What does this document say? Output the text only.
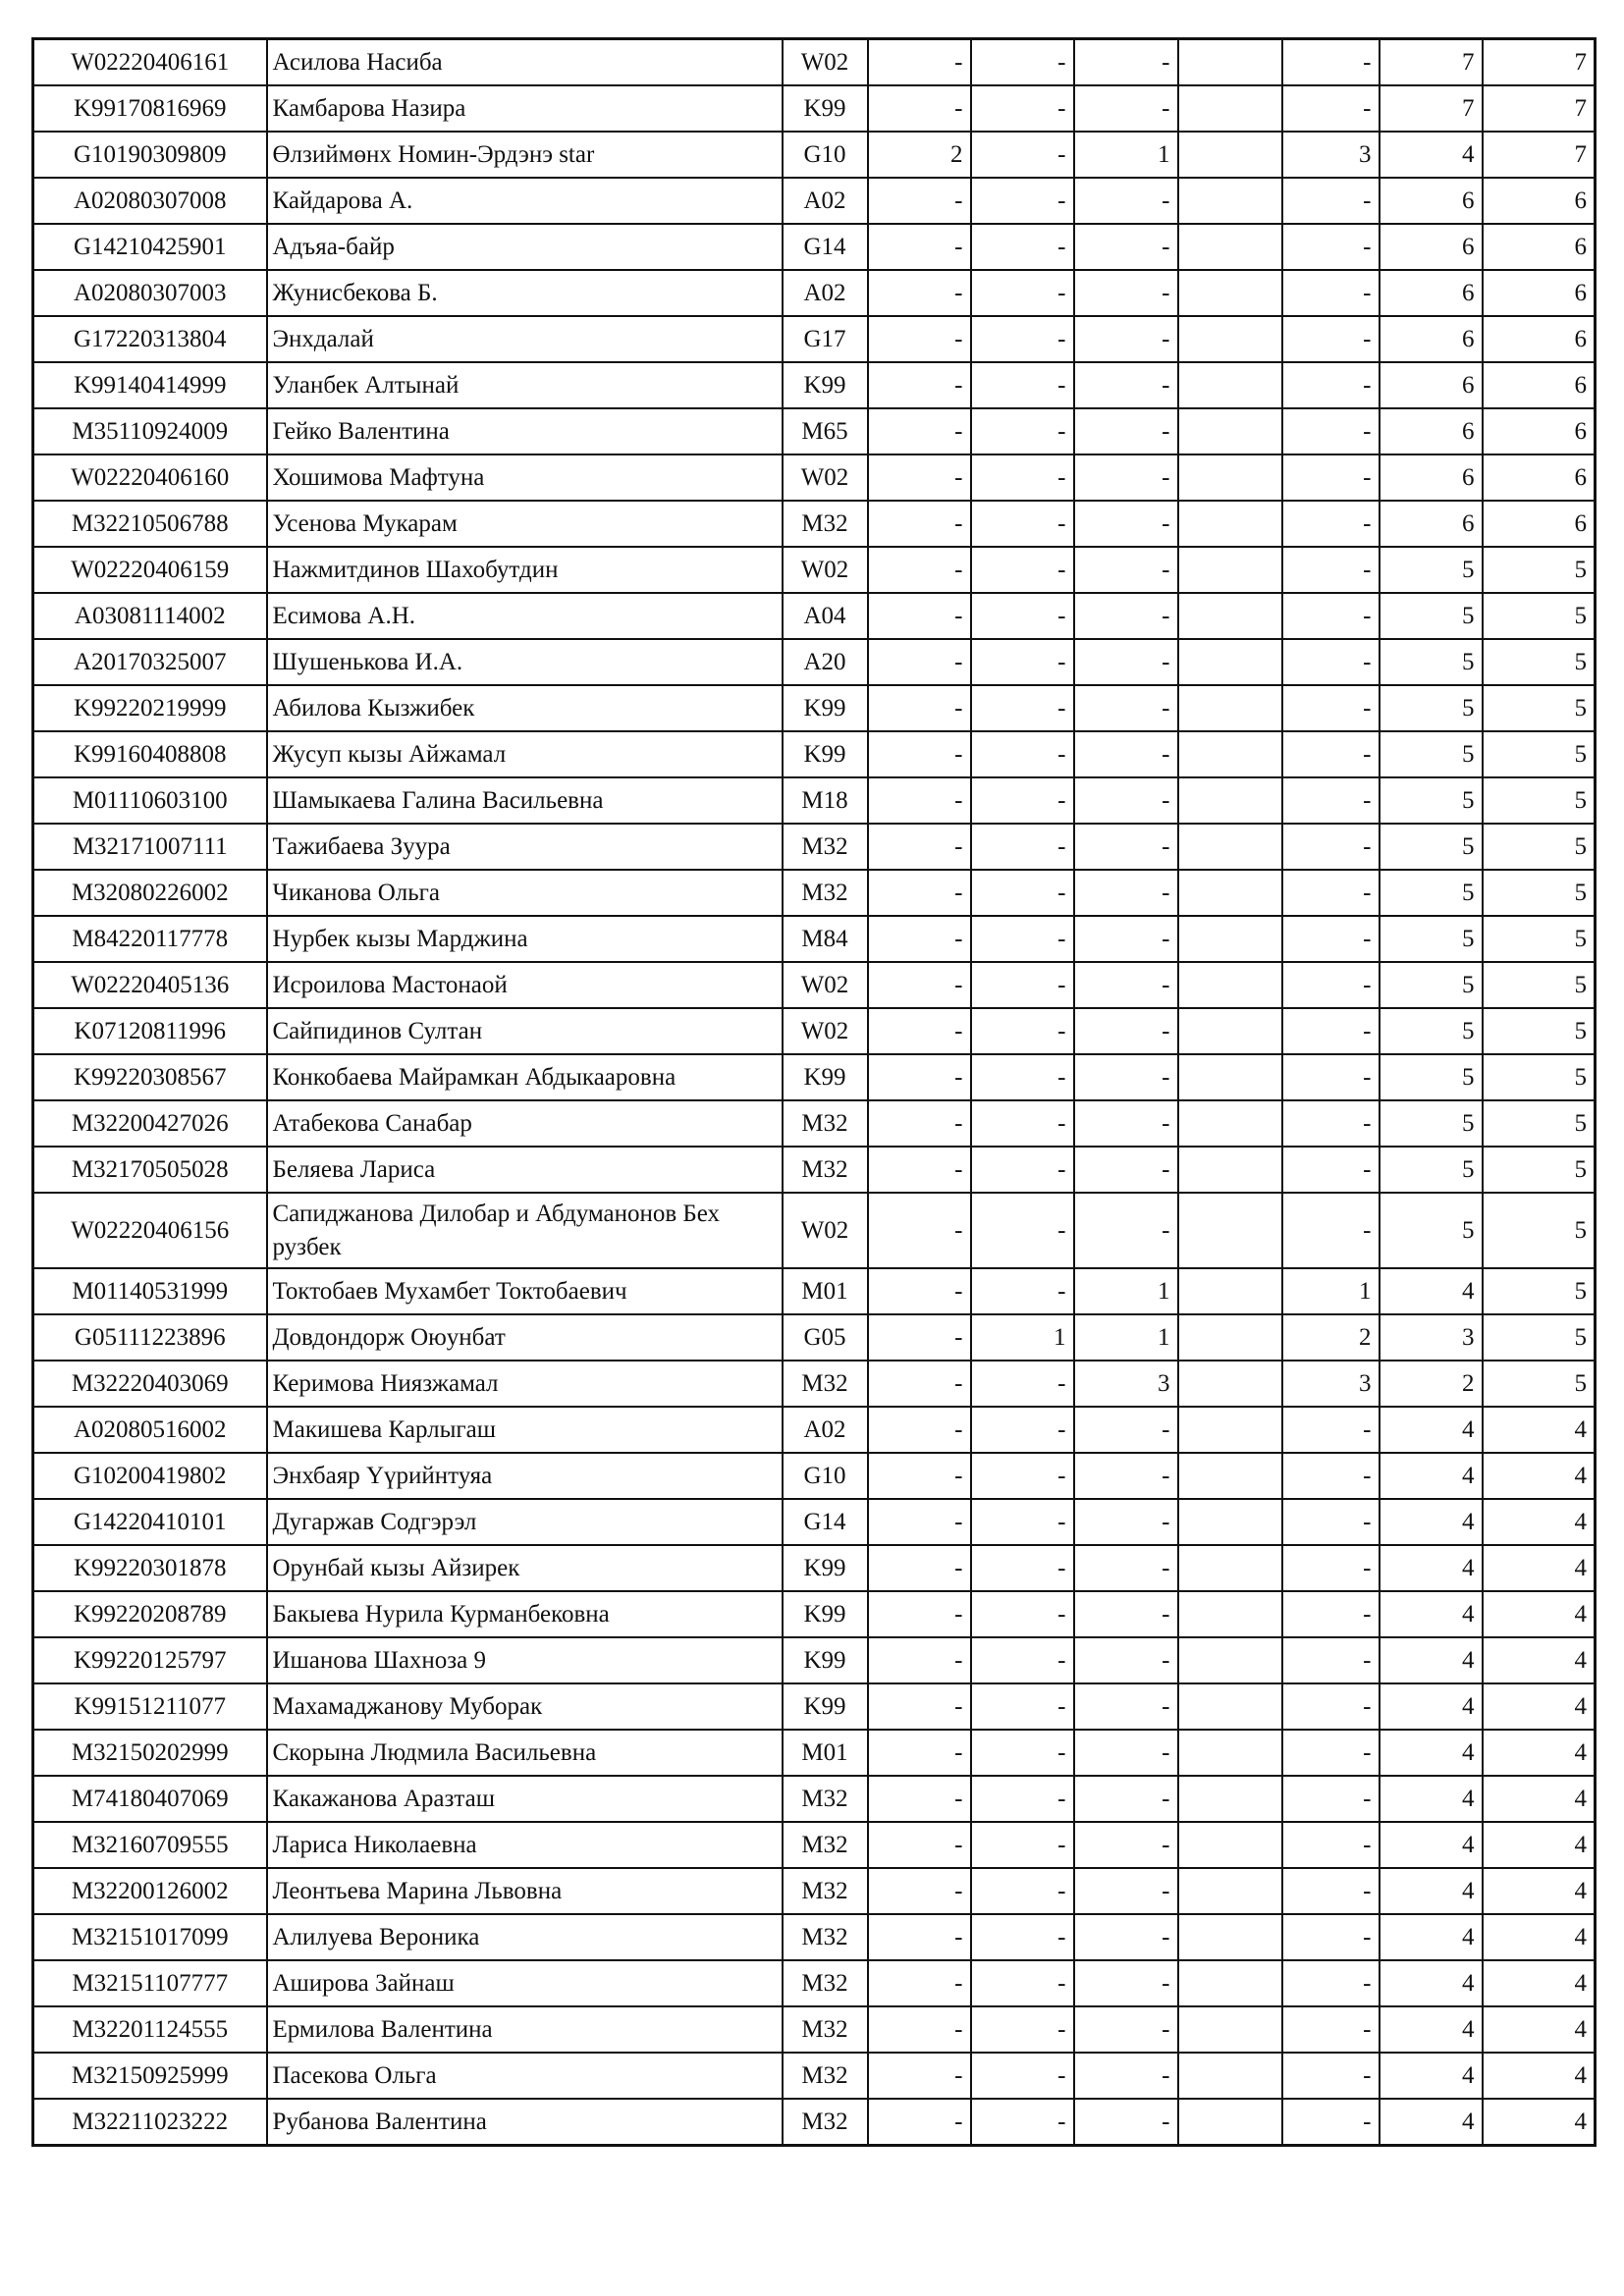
W02220406161	Асилова Насиба	W02	-	-	-		-	7	7
K99170816969	Камбарова Назира	K99	-	-	-		-	7	7
G10190309809	Өлзиймөнх Номин-Эрдэнэ star	G10	2	-	1		3	4	7
A02080307008	Кайдарова А.	A02	-	-	-		-	6	6
G14210425901	Адъяа-байр	G14	-	-	-		-	6	6
A02080307003	Жунисбекова Б.	A02	-	-	-		-	6	6
G17220313804	Энхдалай	G17	-	-	-		-	6	6
K99140414999	Уланбек Алтынай	K99	-	-	-		-	6	6
M35110924009	Гейко Валентина	M65	-	-	-		-	6	6
W02220406160	Хошимова Мафтуна	W02	-	-	-		-	6	6
M32210506788	Усенова Мукарам	M32	-	-	-		-	6	6
W02220406159	Нажмитдинов Шахобутдин	W02	-	-	-		-	5	5
A03081114002	Есимова А.Н.	A04	-	-	-		-	5	5
A20170325007	Шушенькова И.А.	A20	-	-	-		-	5	5
K99220219999	Абилова Кызжибек	K99	-	-	-		-	5	5
K99160408808	Жусуп кызы Айжамал	K99	-	-	-		-	5	5
M01110603100	Шамыкаева Галина Васильевна	M18	-	-	-		-	5	5
M32171007111	Тажибаева Зуура	M32	-	-	-		-	5	5
M32080226002	Чиканова Ольга	M32	-	-	-		-	5	5
M84220117778	Нурбек кызы Марджина	M84	-	-	-		-	5	5
W02220405136	Исроилова Мастонаой	W02	-	-	-		-	5	5
K07120811996	Сайпидинов Султан	W02	-	-	-		-	5	5
K99220308567	Конкобаева Майрамкан Абдыкааровна	K99	-	-	-		-	5	5
M32200427026	Атабекова Санабар	M32	-	-	-		-	5	5
M32170505028	Беляева Лариса	M32	-	-	-		-	5	5
W02220406156	Сапиджанова Дилобар и Абдуманонов Бех рузбек	W02	-	-	-		-	5	5
M01140531999	Токтобаев Мухамбет Токтобаевич	M01	-	-	1		1	4	5
G05111223896	Довдондорж Оюунбат	G05	-	1	1		2	3	5
M32220403069	Керимова Ниязжамал	M32	-	-	3		3	2	5
A02080516002	Макишева Карлыгаш	A02	-	-	-		-	4	4
G10200419802	Энхбаяр Үүрийнтуяа	G10	-	-	-		-	4	4
G14220410101	Дугаржав Содгэрэл	G14	-	-	-		-	4	4
K99220301878	Орунбай кызы Айзирек	K99	-	-	-		-	4	4
K99220208789	Бакыева Нурила Курманбековна	K99	-	-	-		-	4	4
K99220125797	Ишанова Шахноза 9	K99	-	-	-		-	4	4
K99151211077	Махамаджанову Муборак	K99	-	-	-		-	4	4
M32150202999	Скорына Людмила Васильевна	M01	-	-	-		-	4	4
M74180407069	Какажанова Аразташ	M32	-	-	-		-	4	4
M32160709555	Лариса Николаевна	M32	-	-	-		-	4	4
M32200126002	Леонтьева Марина Львовна	M32	-	-	-		-	4	4
M32151017099	Алилуева Вероника	M32	-	-	-		-	4	4
M32151107777	Аширова Зайнаш	M32	-	-	-		-	4	4
M32201124555	Ермилова Валентина	M32	-	-	-		-	4	4
M32150925999	Пасекова Ольга	M32	-	-	-		-	4	4
M32211023222	Рубанова Валентина	M32	-	-	-		-	4	4
